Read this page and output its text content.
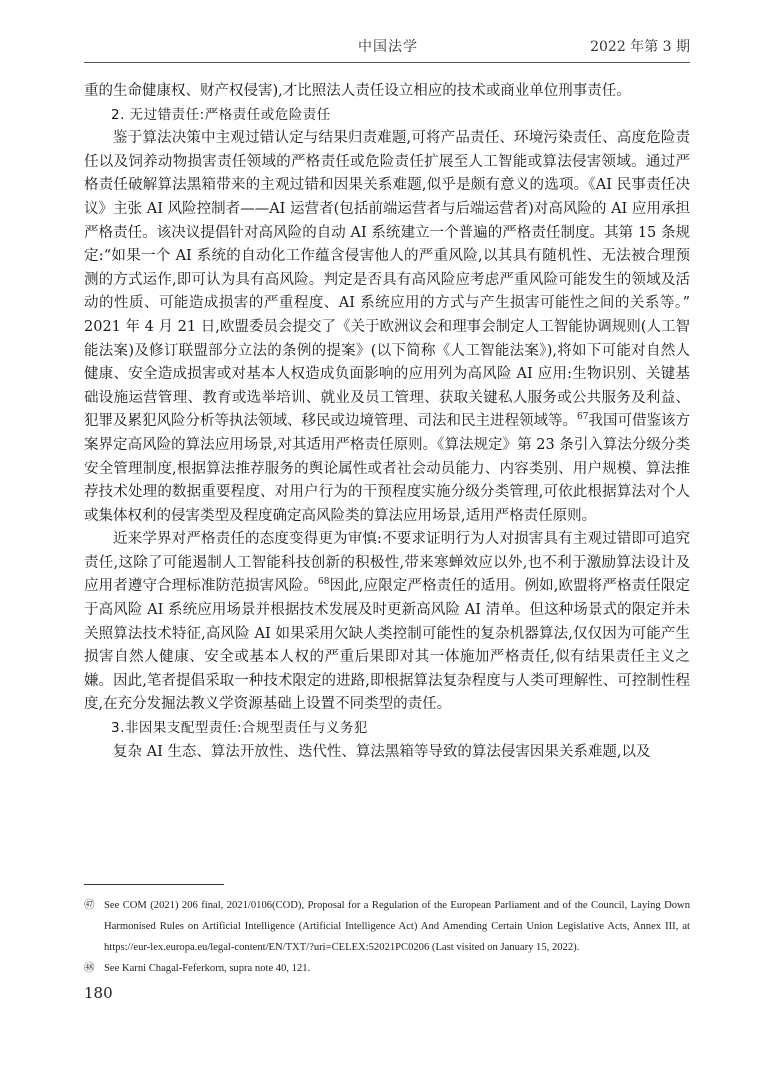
中国法学	2022 年第 3 期

重的生命健康权、财产权侵害),才比照法人责任设立相应的技术或商业单位刑事责任。

2. 无过错责任:严格责任或危险责任

鉴于算法决策中主观过错认定与结果归责难题,可将产品责任、环境污染责任、高度危险责任以及饲养动物损害责任领域的严格责任或危险责任扩展至人工智能或算法侵害领域。通过严格责任破解算法黑箱带来的主观过错和因果关系难题,似乎是颇有意义的选项。《AI 民事责任决议》主张 AI 风险控制者——AI 运营者(包括前端运营者与后端运营者)对高风险的 AI 应用承担严格责任。该决议提倡针对高风险的自动 AI 系统建立一个普遍的严格责任制度。其第 15 条规定:“如果一个 AI 系统的自动化工作蕴含侵害他人的严重风险,以其具有随机性、无法被合理预测的方式运作,即可认为具有高风险。判定是否具有高风险应考虑严重风险可能发生的领域及活动的性质、可能造成损害的严重程度、AI 系统应用的方式与产生损害可能性之间的关系等。” 2021 年 4 月 21 日,欧盟委员会提交了《关于欧洲议会和理事会制定人工智能协调规则(人工智能法案)及修订联盟部分立法的条例的提案》(以下简称《人工智能法案》),将如下可能对自然人健康、安全造成损害或对基本人权造成负面影响的应用列为高风险 AI 应用:生物识别、关键基础设施运营管理、教育或选举培训、就业及员工管理、获取关键私人服务或公共服务及利益、犯罪及累犯风险分析等执法领域、移民或边境管理、司法和民主进程领域等。$^{67}$我国可借鉴该方案界定高风险的算法应用场景,对其适用严格责任原则。《算法规定》第 23 条引入算法分级分类安全管理制度,根据算法推荐服务的舆论属性或者社会动员能力、内容类别、用户规模、算法推荐技术处理的数据重要程度、对用户行为的干预程度实施分级分类管理,可依此根据算法对个人或集体权利的侵害类型及程度确定高风险类的算法应用场景,适用严格责任原则。

近来学界对严格责任的态度变得更为审慎:不要求证明行为人对损害具有主观过错即可追究责任,这除了可能遏制人工智能科技创新的积极性,带来寒蝉效应以外,也不利于激励算法设计及应用者遵守合理标准防范损害风险。$^{68}$因此,应限定严格责任的适用。例如,欧盟将严格责任限定于高风险 AI 系统应用场景并根据技术发展及时更新高风险 AI 清单。但这种场景式的限定并未关照算法技术特征,高风险 AI 如果采用欠缺人类控制可能性的复杂机器算法,仅仅因为可能产生损害自然人健康、安全或基本人权的严重后果即对其一体施加严格责任,似有结果责任主义之嫌。因此,笔者提倡采取一种技术限定的进路,即根据算法复杂程度与人类可理解性、可控制性程度,在充分发掘法教义学资源基础上设置不同类型的责任。

3.非因果支配型责任:合规型责任与义务犯

复杂 AI 生态、算法开放性、迭代性、算法黑箱等导致的算法侵害因果关系难题,以及

㊼ See COM (2021) 206 final, 2021/0106(COD), Proposal for a Regulation of the European Parliament and of the Council, Laying Down Harmonised Rules on Artificial Intelligence (Artificial Intelligence Act) And Amending Certain Union Legislative Acts, Annex III, at https://eur-lex.europa.eu/legal-content/EN/TXT/?uri=CELEX:52021PC0206 (Last visited on January 15, 2022).
㊽ See Karni Chagal-Feferkorn, supra note 40, 121.
180
